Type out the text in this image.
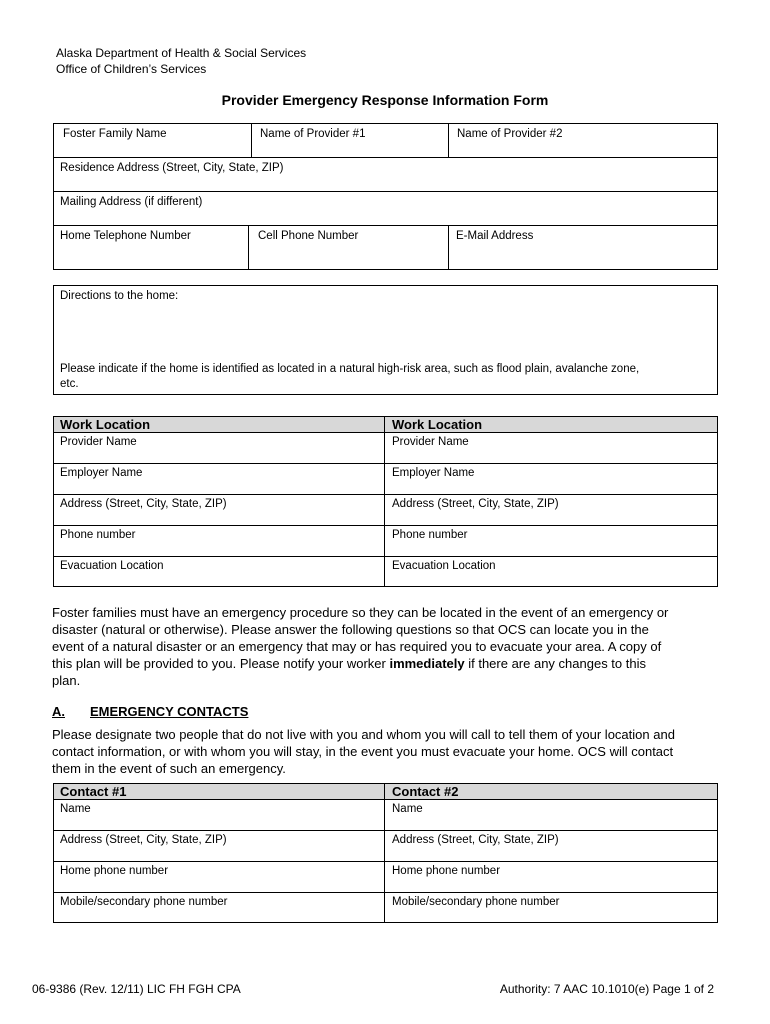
Alaska Department of Health & Social Services
Office of Children’s Services
Provider Emergency Response Information Form
Foster Family Name	Name of Provider #1	Name of Provider #2
Residence Address (Street, City, State, ZIP)
Mailing Address (if different)
Home Telephone Number	Cell Phone Number	E-Mail Address
Directions to the home:
Please indicate if the home is identified as located in a natural high-risk area, such as flood plain, avalanche zone,
etc.
Work Location	Work Location
Provider Name	Provider Name
Employer Name	Employer Name
Address (Street, City, State, ZIP)	Address (Street, City, State, ZIP)
Phone number	Phone number
Evacuation Location	Evacuation Location
Foster families must have an emergency procedure so they can be located in the event of an emergency or
disaster (natural or otherwise). Please answer the following questions so that OCS can locate you in the
event of a natural disaster or an emergency that may or has required you to evacuate your area. A copy of
this plan will be provided to you. Please notify your worker immediately if there are any changes to this
plan.
A. EMERGENCY CONTACTS
Please designate two people that do not live with you and whom you will call to tell them of your location and
contact information, or with whom you will stay, in the event you must evacuate your home. OCS will contact
them in the event of such an emergency.
Contact #1	Contact #2
Name	Name
Address (Street, City, State, ZIP)	Address (Street, City, State, ZIP)
Home phone number	Home phone number
Mobile/secondary phone number	Mobile/secondary phone number
06-9386 (Rev. 12/11) LIC FH FGH CPA	Authority: 7 AAC 10.1010(e) Page 1 of 2
